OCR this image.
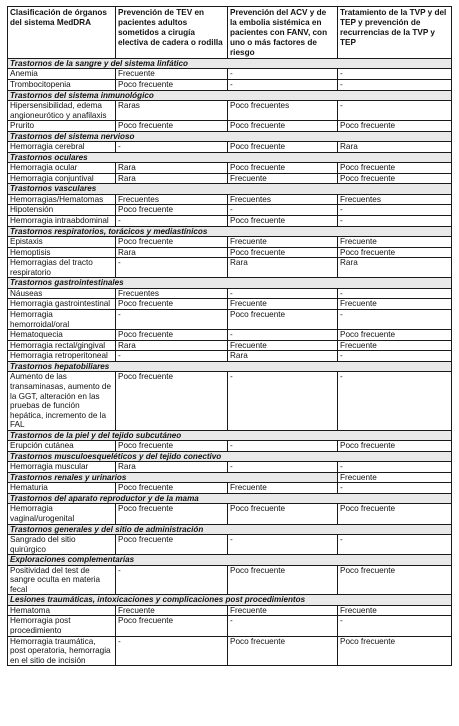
Clasificación de órganos del sistema MedDRA	Prevención de TEV en pacientes adultos sometidos a cirugía electiva de cadera o rodilla	Prevención del ACV y de la embolia sistémica en pacientes con FANV, con uno o más factores de riesgo	Tratamiento de la TVP y del TEP y prevención de recurrencias de la TVP y TEP
Trastornos de la sangre y del sistema linfático			
Anemia	Frecuente	-	-
Trombocitopenia	Poco frecuente	-	-
Trastornos del sistema inmunológico			
Hipersensibilidad, edema angioneurótico y anafilaxis	Raras	Poco frecuentes	-
Prurito	Poco frecuente	Poco frecuente	Poco frecuente
Trastornos del sistema nervioso			
Hemorragia cerebral	-	Poco frecuente	Rara
Trastornos oculares			
Hemorragia ocular	Rara	Poco frecuente	Poco frecuente
Hemorragia conjuntival	Rara	Frecuente	Poco frecuente
Trastornos vasculares			
Hemorragias/Hematomas	Frecuentes	Frecuentes	Frecuentes
Hipotensión	Poco frecuente	-	-
Hemorragia intraabdominal	-	Poco frecuente	-
Trastornos respiratorios, torácicos y mediastínicos			
Epistaxis	Poco frecuente	Frecuente	Frecuente
Hemoptisis	Rara	Poco frecuente	Poco frecuente
Hemorragias del tracto respiratorio	-	Rara	Rara
Trastornos gastrointestinales			
Náuseas	Frecuentes	-	-
Hemorragia gastrointestinal	Poco frecuente	Frecuente	Frecuente
Hemorragia hemorroidal/oral	-	Poco frecuente	-
Hematoquecia	Poco frecuente	-	Poco frecuente
Hemorragia rectal/gingival	Rara	Frecuente	Frecuente
Hemorragia retroperitoneal	-	Rara	-
Trastornos hepatobiliares			
Aumento de las transaminasas, aumento de la GGT, alteración en las pruebas de función hepática, incremento de la FAL	Poco frecuente	-	-
Trastornos de la piel y del tejido subcutáneo			
Erupción cutánea	Poco frecuente	-	Poco frecuente
Trastornos musculoesqueléticos y del tejido conectivo			
Hemorragia muscular	Rara	-	-
Trastornos renales y urinarios			Frecuente
Hematuria	Poco frecuente	Frecuente	-
Trastornos del aparato reproductor y de la mama			
Hemorragia vaginal/urogenital	Poco frecuente	Poco frecuente	Poco frecuente
Trastornos generales y del sitio de administración			
Sangrado del sitio quirúrgico	Poco frecuente	-	-
Exploraciones complementarias			
Positividad del test de sangre oculta en materia fecal	-	Poco frecuente	Poco frecuente
Lesiones traumáticas, intoxicaciones y complicaciones post procedimientos			
Hematoma	Frecuente	Frecuente	Frecuente
Hemorragia post procedimiento	Poco frecuente	-	-
Hemorragia traumática, post operatoria, hemorragia en el sitio de incisión	-	Poco frecuente	Poco frecuente
